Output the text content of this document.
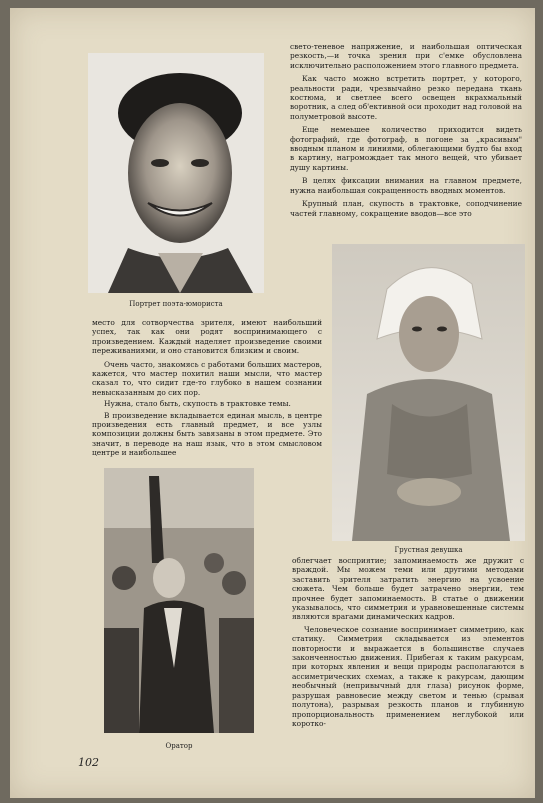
Портрет поэта-юмориста

свето-теневое напряжение, и наибольшая оптическая резкость,—и точка зрения при с'емке обусловлена исключительно расположением этого главного предмета.

Как часто можно встретить портрет, у которого, реальности ради, чрезвычайно резко передана ткань костюма, и светлее всего освещен вкрахмальный воротник, а след об'ективной оси проходит над головой на полуметровой высоте.

Еще немеьшее количество приходится видеть фотографий, где фотограф, в погоне за „красивым" вводным планом и линиями, облегающими будто бы вход в картину, нагромождает так много вещей, что убивает душу картины.

В целях фиксации внимания на главном предмете, нужна наибольшая сокращенность вводных моментов.

Крупный план, скупость в трактовке, соподчинение частей главному, сокращение вводов—все это

Грустная девушка

место для сотворчества зрителя, имеют наибольший успех, так как они родят воспринимающего с произведением. Каждый наделяет произведение своими переживаниями, и оно становится близким и своим.

Очень часто, знакомясь с работами больших мастеров, кажется, что мастер похитил наши мысли, что мастер сказал то, что сидит где-то глубоко в нашем сознании невысказанным до сих пор.

Нужна, стало быть, скупость в трактовке темы.

В произведение вкладывается единая мысль, в центре произведения есть главный предмет, и все узлы композиции должны быть завязаны в этом предмете. Это значит, в переводе на наш язык, что в этом смысловом центре и наибольшее

Оратор

облегчает восприятие; запоминаемость же дружит с враждой. Мы можем теми или другими методами заставить зрителя затратить энергию на усвоение сюжета. Чем больше будет затрачено энергии, тем прочнее будет запоминаемость. В статье о движении указывалось, что симметрия и уравновешенные системы являются врагами динамических кадров.

Человеческое сознание воспринимает симметрию, как статику. Симметрия складывается из элементов повторности и выражается в большинстве случаев законченностью движения. Прибегая к таким ракурсам, при которых явления и вещи природы располагаются в ассиметрических схемах, а также к ракурсам, дающим необычный (непривычный для глаза) рисунок форме, разрушая равновесие между светом и тенью (срывая полутона), разрывая резкость планов и глубинную пропорциональность применением неглубокой или коротко-

102
